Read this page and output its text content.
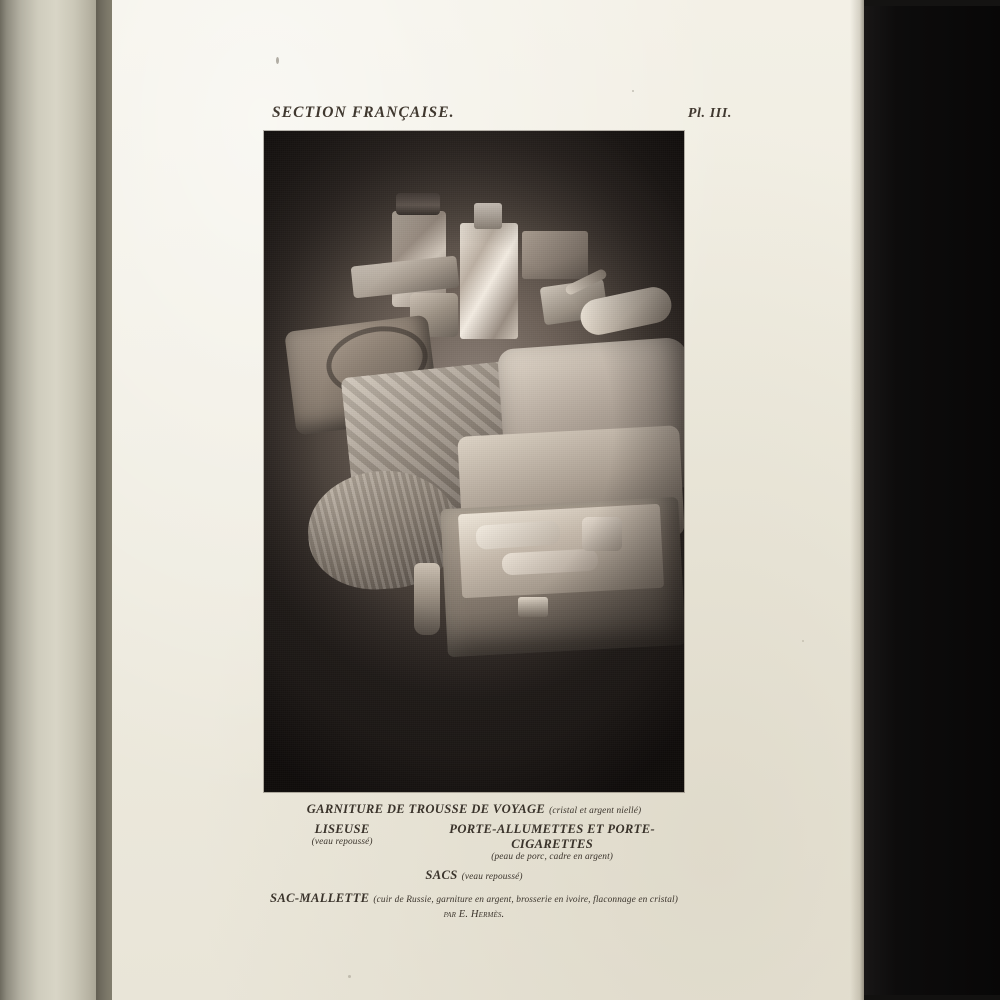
SECTION FRANÇAISE.	Pl. III.
GARNITURE DE TROUSSE DE VOYAGE (cristal et argent niellé)
LISEUSE
(veau repoussé)
PORTE-ALLUMETTES ET PORTE-CIGARETTES
(peau de porc, cadre en argent)
SACS (veau repoussé)
SAC-MALLETTE (cuir de Russie, garniture en argent, brosserie en ivoire, flaconnage en cristal)
par E. Hermès.
